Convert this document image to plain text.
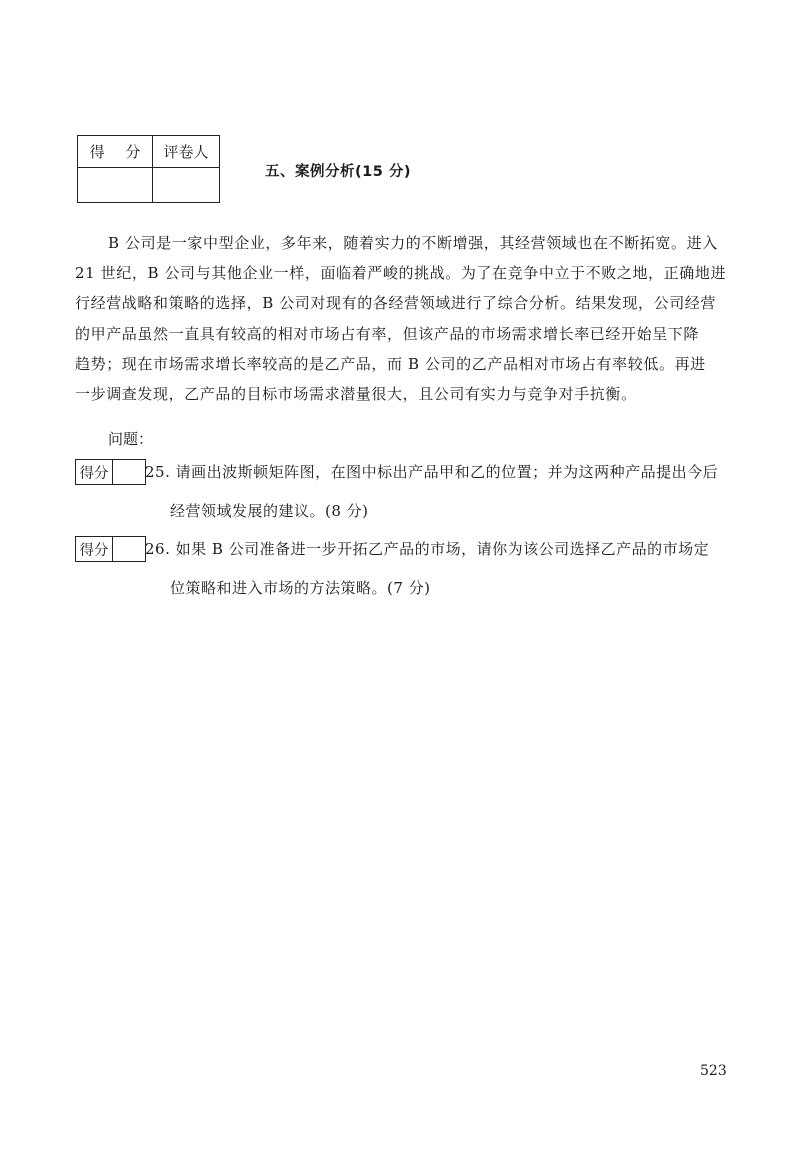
得 分	评卷人

五、案例分析(15 分)
B 公司是一家中型企业，多年来，随着实力的不断增强，其经营领域也在不断拓宽。进入
21 世纪，B 公司与其他企业一样，面临着严峻的挑战。为了在竞争中立于不败之地，正确地进
行经营战略和策略的选择，B 公司对现有的各经营领域进行了综合分析。结果发现，公司经营
的甲产品虽然一直具有较高的相对市场占有率，但该产品的市场需求增长率已经开始呈下降
趋势；现在市场需求增长率较高的是乙产品，而 B 公司的乙产品相对市场占有率较低。再进
一步调查发现，乙产品的目标市场需求潜量很大，且公司有实力与竞争对手抗衡。
问题：
得分	25. 请画出波斯顿矩阵图，在图中标出产品甲和乙的位置；并为这两种产品提出今后
经营领域发展的建议。(8 分)
得分	26. 如果 B 公司准备进一步开拓乙产品的市场，请你为该公司选择乙产品的市场定
位策略和进入市场的方法策略。(7 分)
523
